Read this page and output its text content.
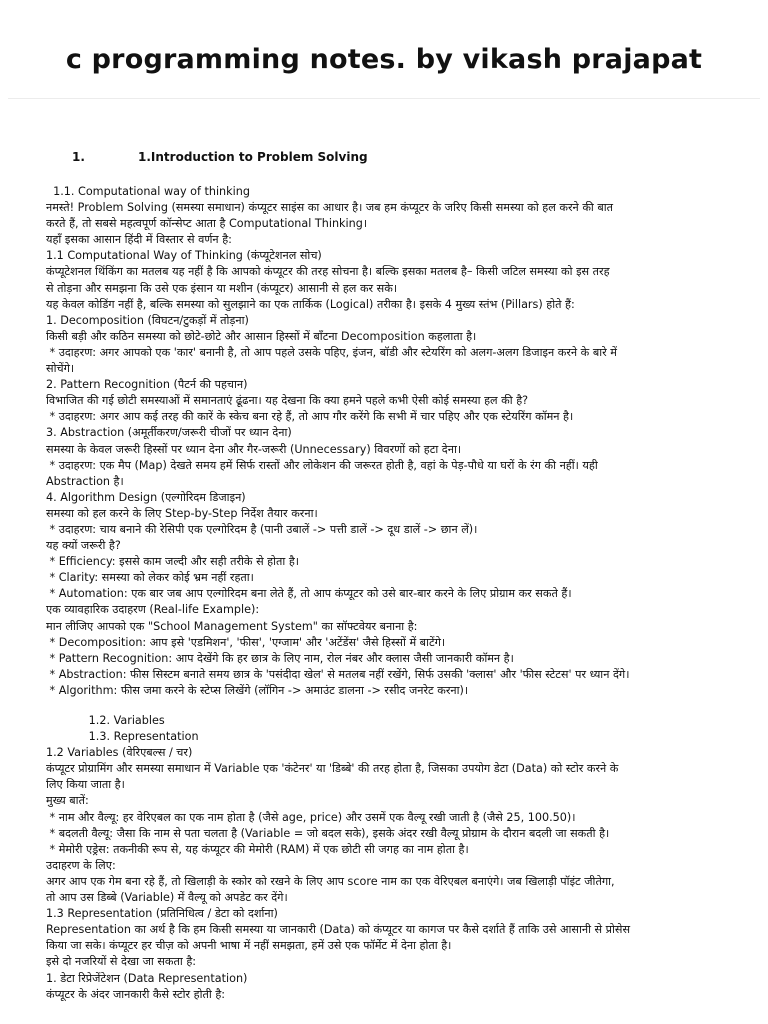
c programming notes. by vikash prajapat
1.	1.Introduction to Problem Solving
1.1. Computational way of thinking
नमस्ते! Problem Solving (समस्या समाधान) कंप्यूटर साइंस का आधार है। जब हम कंप्यूटर के जरिए किसी समस्या को हल करने की बात
करते हैं, तो सबसे महत्वपूर्ण कॉन्सेप्ट आता है Computational Thinking।
यहाँ इसका आसान हिंदी में विस्तार से वर्णन है:
1.1 Computational Way of Thinking (कंप्यूटेशनल सोच)
कंप्यूटेशनल थिंकिंग का मतलब यह नहीं है कि आपको कंप्यूटर की तरह सोचना है। बल्कि इसका मतलब है– किसी जटिल समस्या को इस तरह
से तोड़ना और समझना कि उसे एक इंसान या मशीन (कंप्यूटर) आसानी से हल कर सके।
यह केवल कोडिंग नहीं है, बल्कि समस्या को सुलझाने का एक तार्किक (Logical) तरीका है। इसके 4 मुख्य स्तंभ (Pillars) होते हैं:
1. Decomposition (विघटन/टुकड़ों में तोड़ना)
किसी बड़ी और कठिन समस्या को छोटे-छोटे और आसान हिस्सों में बाँटना Decomposition कहलाता है।
* उदाहरण: अगर आपको एक 'कार' बनानी है, तो आप पहले उसके पहिए, इंजन, बॉडी और स्टेयरिंग को अलग-अलग डिजाइन करने के बारे में
सोचेंगे।
2. Pattern Recognition (पैटर्न की पहचान)
विभाजित की गई छोटी समस्याओं में समानताएं ढूंढना। यह देखना कि क्या हमने पहले कभी ऐसी कोई समस्या हल की है?
* उदाहरण: अगर आप कई तरह की कारें के स्केच बना रहे हैं, तो आप गौर करेंगे कि सभी में चार पहिए और एक स्टेयरिंग कॉमन है।
3. Abstraction (अमूर्तीकरण/जरूरी चीजों पर ध्यान देना)
समस्या के केवल जरूरी हिस्सों पर ध्यान देना और गैर-जरूरी (Unnecessary) विवरणों को हटा देना।
* उदाहरण: एक मैप (Map) देखते समय हमें सिर्फ रास्तों और लोकेशन की जरूरत होती है, वहां के पेड़-पौधे या घरों के रंग की नहीं। यही
Abstraction है।
4. Algorithm Design (एल्गोरिदम डिजाइन)
समस्या को हल करने के लिए Step-by-Step निर्देश तैयार करना।
* उदाहरण: चाय बनाने की रेसिपी एक एल्गोरिदम है (पानी उबालें -> पत्ती डालें -> दूध डालें -> छान लें)।
यह क्यों जरूरी है?
* Efficiency: इससे काम जल्दी और सही तरीके से होता है।
* Clarity: समस्या को लेकर कोई भ्रम नहीं रहता।
* Automation: एक बार जब आप एल्गोरिदम बना लेते हैं, तो आप कंप्यूटर को उसे बार-बार करने के लिए प्रोग्राम कर सकते हैं।
एक व्यावहारिक उदाहरण (Real-life Example):
मान लीजिए आपको एक "School Management System" का सॉफ्टवेयर बनाना है:
* Decomposition: आप इसे 'एडमिशन', 'फीस', 'एग्जाम' और 'अटेंडेंस' जैसे हिस्सों में बाटेंगे।
* Pattern Recognition: आप देखेंगे कि हर छात्र के लिए नाम, रोल नंबर और क्लास जैसी जानकारी कॉमन है।
* Abstraction: फीस सिस्टम बनाते समय छात्र के 'पसंदीदा खेल' से मतलब नहीं रखेंगे, सिर्फ उसकी 'क्लास' और 'फीस स्टेटस' पर ध्यान देंगे।
* Algorithm: फीस जमा करने के स्टेप्स लिखेंगे (लॉगिन -> अमाउंट डालना -> रसीद जनरेट करना)।
1.2. Variables
1.3. Representation
1.2 Variables (वेरिएबल्स / चर)
कंप्यूटर प्रोग्रामिंग और समस्या समाधान में Variable एक 'कंटेनर' या 'डिब्बे' की तरह होता है, जिसका उपयोग डेटा (Data) को स्टोर करने के
लिए किया जाता है।
मुख्य बातें:
* नाम और वैल्यू: हर वेरिएबल का एक नाम होता है (जैसे age, price) और उसमें एक वैल्यू रखी जाती है (जैसे 25, 100.50)।
* बदलती वैल्यू: जैसा कि नाम से पता चलता है (Variable = जो बदल सके), इसके अंदर रखी वैल्यू प्रोग्राम के दौरान बदली जा सकती है।
* मेमोरी एड्रेस: तकनीकी रूप से, यह कंप्यूटर की मेमोरी (RAM) में एक छोटी सी जगह का नाम होता है।
उदाहरण के लिए:
अगर आप एक गेम बना रहे हैं, तो खिलाड़ी के स्कोर को रखने के लिए आप score नाम का एक वेरिएबल बनाएंगे। जब खिलाड़ी पॉइंट जीतेगा,
तो आप उस डिब्बे (Variable) में वैल्यू को अपडेट कर देंगे।
1.3 Representation (प्रतिनिधित्व / डेटा को दर्शाना)
Representation का अर्थ है कि हम किसी समस्या या जानकारी (Data) को कंप्यूटर या कागज पर कैसे दर्शाते हैं ताकि उसे आसानी से प्रोसेस
किया जा सके। कंप्यूटर हर चीज़ को अपनी भाषा में नहीं समझता, हमें उसे एक फॉर्मेट में देना होता है।
इसे दो नजरियों से देखा जा सकता है:
1. डेटा रिप्रेजेंटेशन (Data Representation)
कंप्यूटर के अंदर जानकारी कैसे स्टोर होती है:
